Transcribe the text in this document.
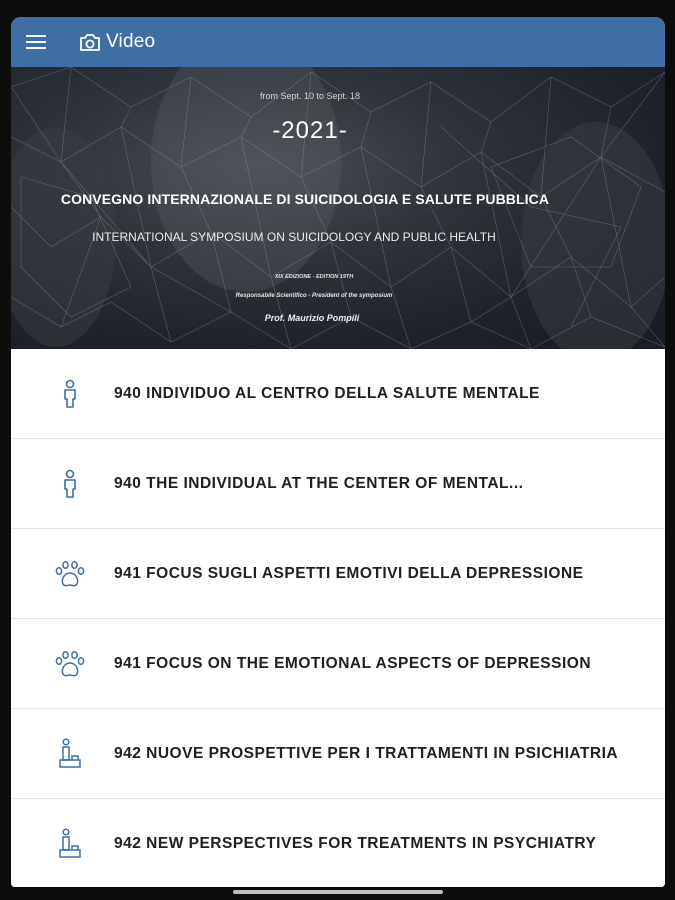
Video
from Sept. 10 to Sept. 18
-2021-
CONVEGNO INTERNAZIONALE DI SUICIDOLOGIA E SALUTE PUBBLICA
INTERNATIONAL SYMPOSIUM ON SUICIDOLOGY AND PUBLIC HEALTH
XIX EDIZIONE - EDITION 19TH
Responsabile Scientifico - President of the symposium
Prof. Maurizio Pompili
940 INDIVIDUO AL CENTRO DELLA SALUTE MENTALE
940 THE INDIVIDUAL AT THE CENTER OF MENTAL...
941 FOCUS SUGLI ASPETTI EMOTIVI DELLA DEPRESSIONE
941 FOCUS ON THE EMOTIONAL ASPECTS OF DEPRESSION
942 NUOVE PROSPETTIVE PER I TRATTAMENTI IN PSICHIATRIA
942 NEW PERSPECTIVES FOR TREATMENTS IN PSYCHIATRY
